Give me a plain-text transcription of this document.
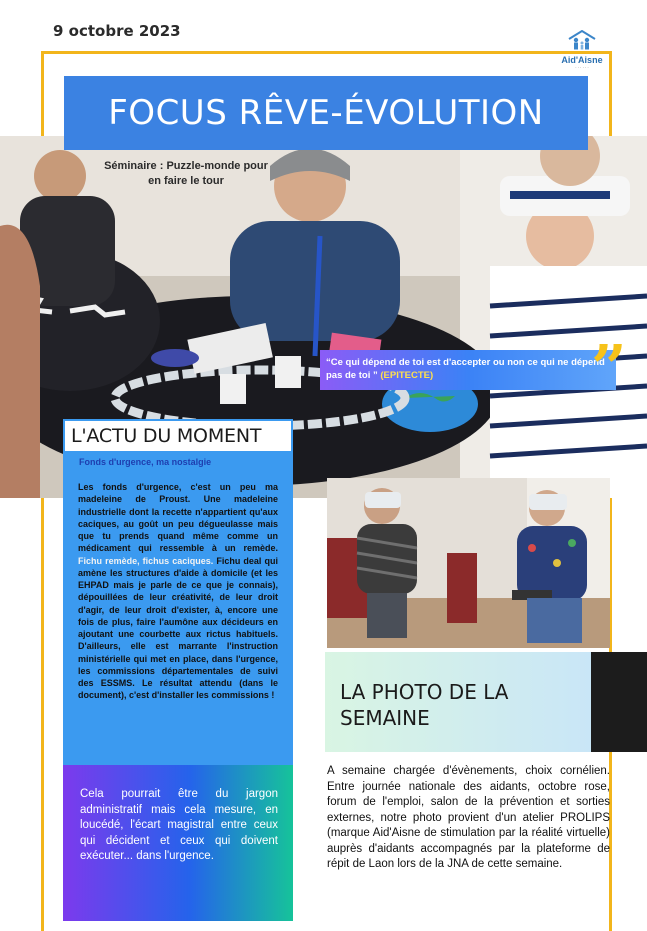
9 octobre 2023
Aid'Aisne
· · · · · ·
FOCUS RÊVE-ÉVOLUTION
Séminaire : Puzzle-monde pour
en faire le tour
“Ce qui dépend de toi est d'accepter ou non ce qui ne dépend pas de toi ” (EPITECTE)	”
L'ACTU DU MOMENT
Fonds d'urgence, ma nostalgie
Les fonds d'urgence, c'est un peu ma madeleine de Proust. Une madeleine industrielle dont la recette n'appartient qu'aux caciques, au goût un peu dégueulasse mais que tu prends quand même comme un médicament qui ressemble à un remède. Fichu remède, fichus caciques. Fichu deal qui amène les structures d'aide à domicile (et les EHPAD mais je parle de ce que je connais), dépouillées de leur créativité, de leur droit d'agir, de leur droit d'exister, à, encore une fois de plus, faire l'aumône aux décideurs en ajoutant une courbette aux rictus habituels. D'ailleurs, elle est marrante l'instruction ministérielle qui met en place, dans l'urgence, les commissions départementales de suivi des ESSMS. Le résultat attendu (dans le document), c'est d'installer les commissions !
Cela pourrait être du jargon administratif mais cela mesure, en loucédé, l'écart magistral entre ceux qui décident et ceux qui doivent exécuter... dans l'urgence.
LA PHOTO DE LA SEMAINE
A semaine chargée d'évènements, choix cornélien. Entre journée nationale des aidants, octobre rose, forum de l'emploi, salon de la prévention et sorties externes, notre photo provient d'un atelier PROLIPS (marque Aid'Aisne de stimulation par la réalité virtuelle) auprès d'aidants accompagnés par la plateforme de répit de Laon lors de la JNA de cette semaine.
